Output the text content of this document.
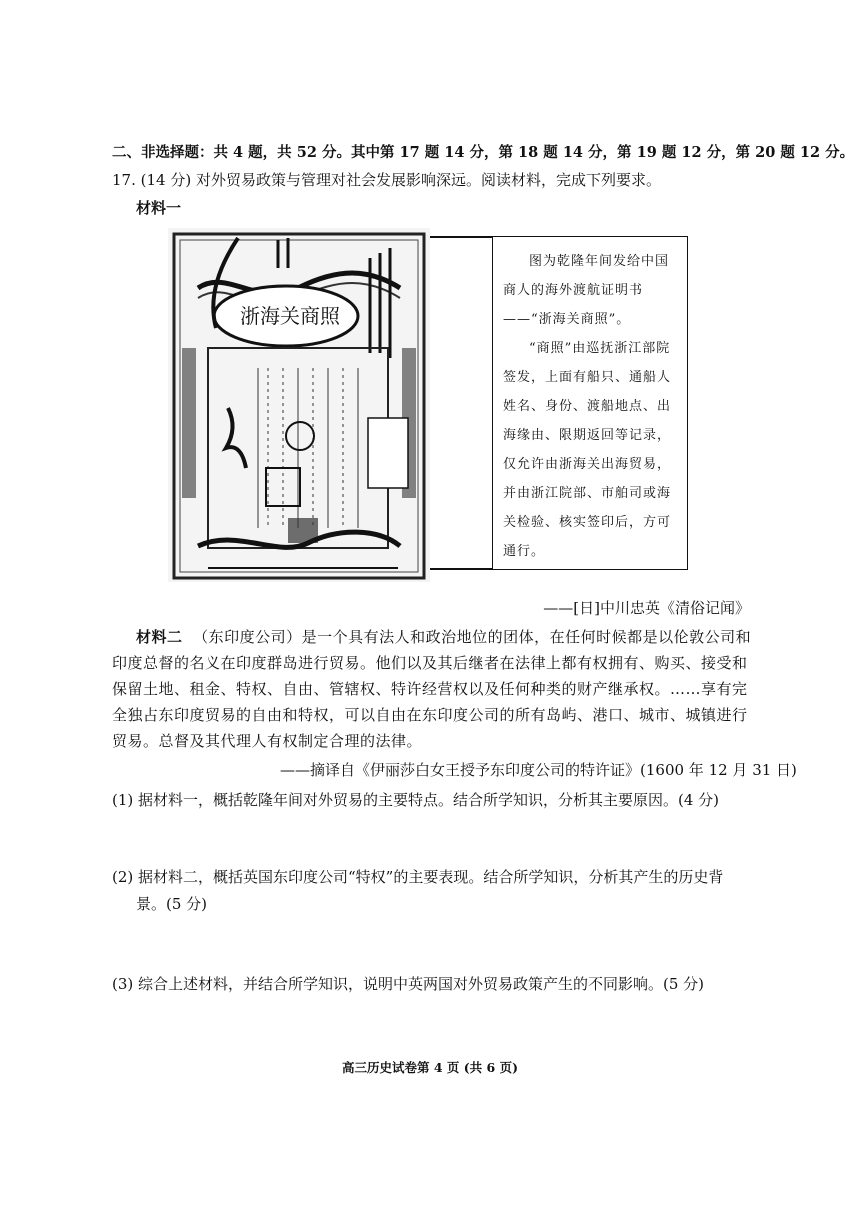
二、非选择题：共 4 题，共 52 分。其中第 17 题 14 分，第 18 题 14 分，第 19 题 12 分，第 20 题 12 分。
17. (14 分) 对外贸易政策与管理对社会发展影响深远。阅读材料，完成下列要求。
材料一
浙海关商照

图为乾隆年间发给中国商人的海外渡航证明书——“浙海关商照”。

“商照”由巡抚浙江部院签发，上面有船只、通船人姓名、身份、渡船地点、出海缘由、限期返回等记录，仅允许由浙海关出海贸易，并由浙江院部、市舶司或海关检验、核实签印后，方可通行。

——[日]中川忠英《清俗记闻》
材料二 （东印度公司）是一个具有法人和政治地位的团体，在任何时候都是以伦敦公司和印度总督的名义在印度群岛进行贸易。他们以及其后继者在法律上都有权拥有、购买、接受和保留土地、租金、特权、自由、管辖权、特许经营权以及任何种类的财产继承权。……享有完全独占东印度贸易的自由和特权，可以自由在东印度公司的所有岛屿、港口、城市、城镇进行贸易。总督及其代理人有权制定合理的法律。
——摘译自《伊丽莎白女王授予东印度公司的特许证》(1600 年 12 月 31 日)
(1) 据材料一，概括乾隆年间对外贸易的主要特点。结合所学知识，分析其主要原因。(4 分)
(2) 据材料二，概括英国东印度公司“特权”的主要表现。结合所学知识，分析其产生的历史背
景。(5 分)
(3) 综合上述材料，并结合所学知识，说明中英两国对外贸易政策产生的不同影响。(5 分)
高三历史试卷第 4 页 (共 6 页)
